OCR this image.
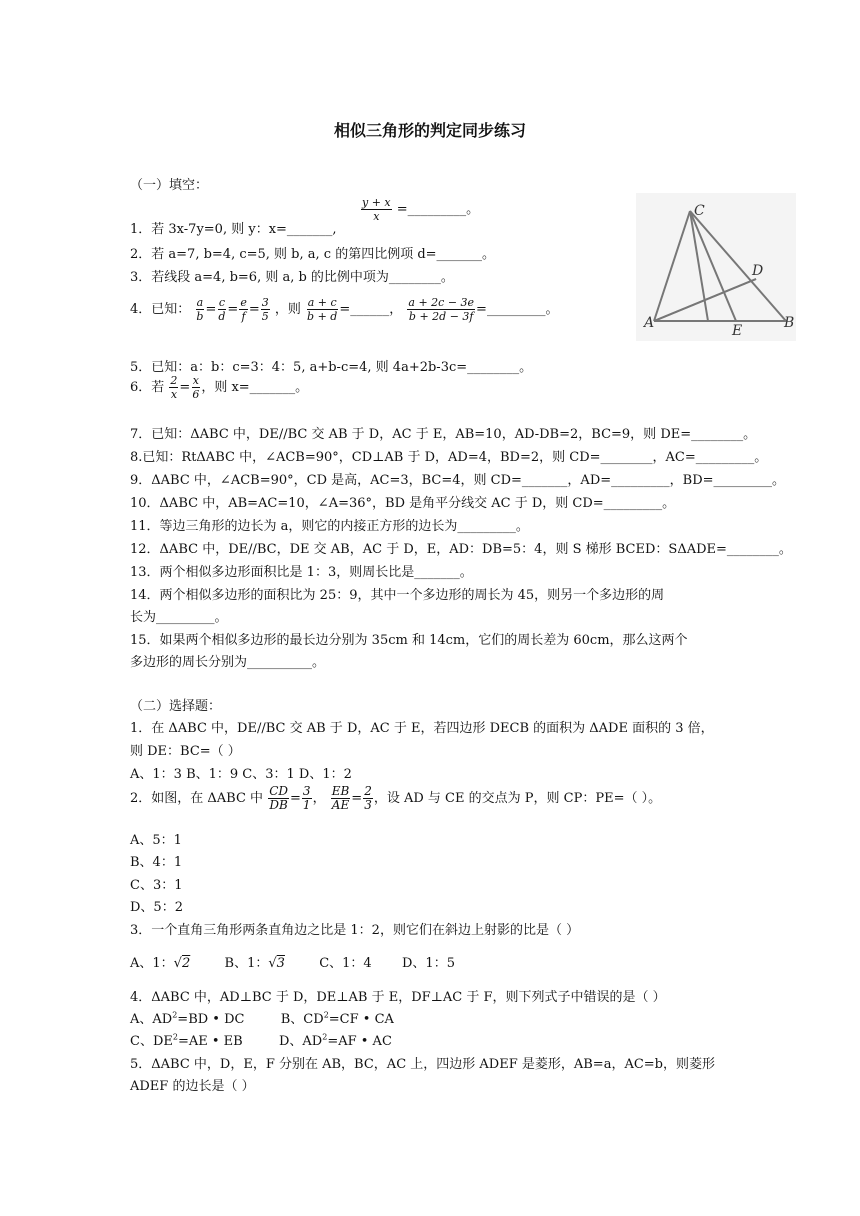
相似三角形的判定同步练习
（一）填空：
1．若 3x-7y=0, 则 y：x=_______,
$\frac{y + x}{x}$ =_________。
2．若 a=7, b=4, c=5, 则 b, a, c 的第四比例项 d=_______。
3．若线段 a=4, b=6, 则 a, b 的比例中项为________。
4．已知： $\frac{a}{b} = \frac{c}{d} = \frac{e}{f} = \frac{3}{5}$ ，则 $\frac{a + c}{b + d}$ =______， $\frac{a + 2c - 3e}{b + 2d - 3f}$ =_________。
5．已知：a：b：c=3：4：5, a+b-c=4, 则 4a+2b-3c=________。
6．若 $\frac{2}{x} = \frac{x}{6}$ ，则 x=_______。
7．已知：ΔABC 中，DE//BC 交 AB 于 D，AC 于 E，AB=10，AD-DB=2，BC=9，则 DE=________。
8.已知：RtΔABC 中，∠ACB=90°，CD⊥AB 于 D，AD=4，BD=2，则 CD=________，AC=_________。
9．ΔABC 中，∠ACB=90°，CD 是高，AC=3，BC=4，则 CD=_______，AD=_________，BD=_________。
10．ΔABC 中，AB=AC=10，∠A=36°，BD 是角平分线交 AC 于 D，则 CD=_________。
11．等边三角形的边长为 a，则它的内接正方形的边长为_________。
12．ΔABC 中，DE//BC，DE 交 AB，AC 于 D，E，AD：DB=5：4，则 S 梯形 BCED：SΔADE=________。
13．两个相似多边形面积比是 1：3，则周长比是_______。
14．两个相似多边形的面积比为 25：9，其中一个多边形的周长为 45，则另一个多边形的周
长为_________。
15．如果两个相似多边形的最长边分别为 35cm 和 14cm，它们的周长差为 60cm，那么这两个
多边形的周长分别为__________。
（二）选择题：
1．在 ΔABC 中，DE//BC 交 AB 于 D，AC 于 E，若四边形 DECB 的面积为 ΔADE 面积的 3 倍，
则 DE：BC=（ ）
A、1：3 B、1：9 C、3：1 D、1：2
2．如图，在 ΔABC 中 $\frac{CD}{DB} = \frac{3}{1}$ ， $\frac{EB}{AE} = \frac{2}{3}$ ，设 AD 与 CE 的交点为 P，则 CP：PE=（ ）。
A、5：1
B、4：1
C、3：1
D、5：2
3．一个直角三角形两条直角边之比是 1：2，则它们在斜边上射影的比是（ ）
A、1：√2	B、1：√3	C、1：4 D、1：5
4．ΔABC 中，AD⊥BC 于 D，DE⊥AB 于 E，DF⊥AC 于 F，则下列式子中错误的是（ ）
A、$AD^2=BD$ • DC	B、$CD^2=CF$ • CA
C、$DE^2=AE$ • EB	D、$AD^2=AF$ • AC
5．ΔABC 中，D，E，F 分别在 AB，BC，AC 上，四边形 ADEF 是菱形，AB=a，AC=b，则菱形
ADEF 的边长是（ ）
C
D
A	E	B
